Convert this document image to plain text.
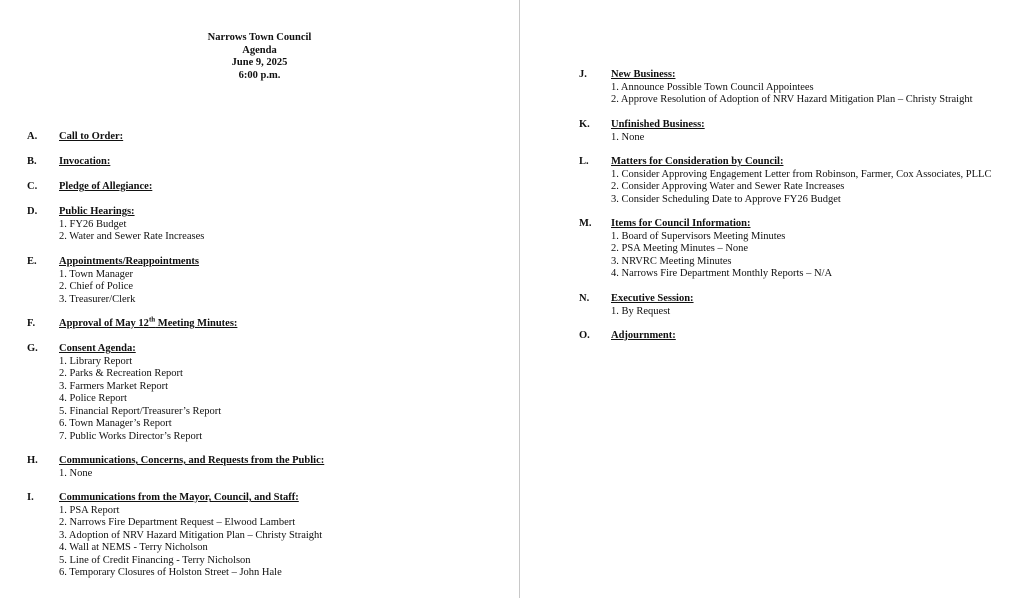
Narrows Town Council
Agenda
June 9, 2025
6:00 p.m.
A. Call to Order:
B. Invocation:
C. Pledge of Allegiance:
D. Public Hearings:
1. FY26 Budget
2. Water and Sewer Rate Increases
E. Appointments/Reappointments
1. Town Manager
2. Chief of Police
3. Treasurer/Clerk
F. Approval of May 12th Meeting Minutes:
G. Consent Agenda:
1. Library Report
2. Parks & Recreation Report
3. Farmers Market Report
4. Police Report
5. Financial Report/Treasurer’s Report
6. Town Manager’s Report
7. Public Works Director’s Report
H. Communications, Concerns, and Requests from the Public:
1. None
I. Communications from the Mayor, Council, and Staff:
1. PSA Report
2. Narrows Fire Department Request – Elwood Lambert
3. Adoption of NRV Hazard Mitigation Plan – Christy Straight
4. Wall at NEMS - Terry Nicholson
5. Line of Credit Financing - Terry Nicholson
6. Temporary Closures of Holston Street – John Hale
J. New Business:
1. Announce Possible Town Council Appointees
2. Approve Resolution of Adoption of NRV Hazard Mitigation Plan – Christy Straight
K. Unfinished Business:
1. None
L. Matters for Consideration by Council:
1. Consider Approving Engagement Letter from Robinson, Farmer, Cox Associates, PLLC
2. Consider Approving Water and Sewer Rate Increases
3. Consider Scheduling Date to Approve FY26 Budget
M. Items for Council Information:
1. Board of Supervisors Meeting Minutes
2. PSA Meeting Minutes – None
3. NRVRC Meeting Minutes
4. Narrows Fire Department Monthly Reports – N/A
N. Executive Session:
1. By Request
O. Adjournment:
